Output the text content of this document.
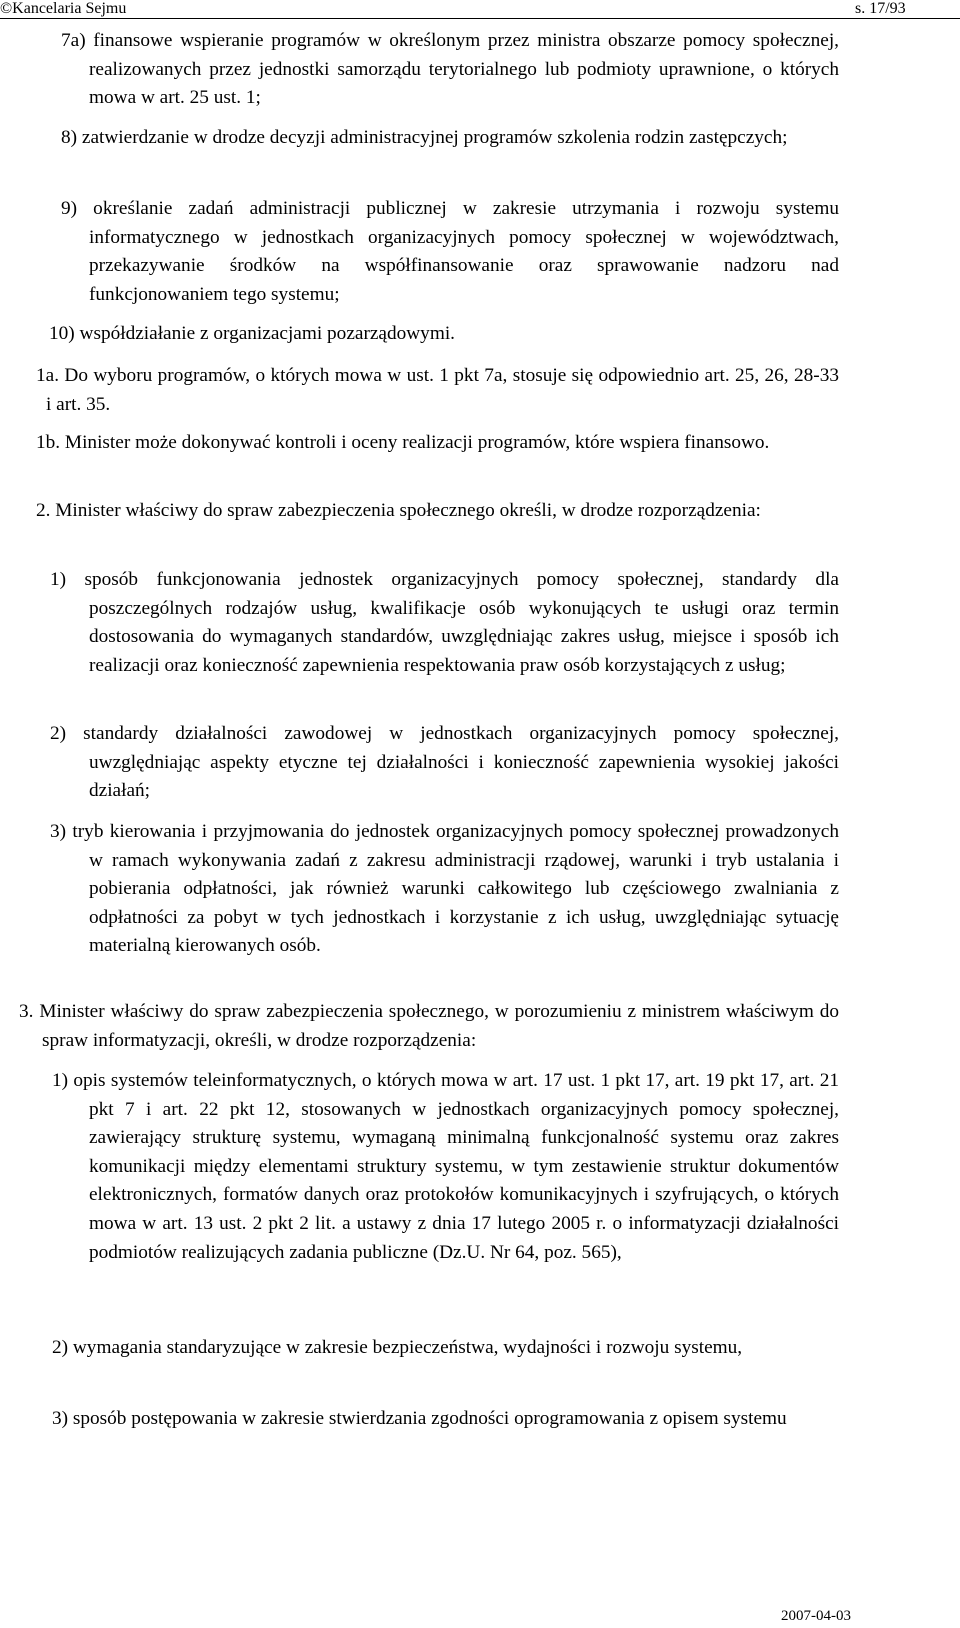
©Kancelaria Sejmu	s. 17/93

7a) finansowe wspieranie programów w określonym przez ministra obszarze pomocy społecznej, realizowanych przez jednostki samorządu terytorialnego lub podmioty uprawnione, o których mowa w art. 25 ust. 1;

8) zatwierdzanie w drodze decyzji administracyjnej programów szkolenia rodzin zastępczych;

9) określanie zadań administracji publicznej w zakresie utrzymania i rozwoju systemu informatycznego w jednostkach organizacyjnych pomocy społecznej w województwach, przekazywanie środków na współfinansowanie oraz sprawowanie nadzoru nad funkcjonowaniem tego systemu;

10) współdziałanie z organizacjami pozarządowymi.

1a. Do wyboru programów, o których mowa w ust. 1 pkt 7a, stosuje się odpowiednio art. 25, 26, 28-33 i art. 35.

1b. Minister może dokonywać kontroli i oceny realizacji programów, które wspiera finansowo.

2. Minister właściwy do spraw zabezpieczenia społecznego określi, w drodze rozporządzenia:

1) sposób funkcjonowania jednostek organizacyjnych pomocy społecznej, standardy dla poszczególnych rodzajów usług, kwalifikacje osób wykonujących te usługi oraz termin dostosowania do wymaganych standardów, uwzględniając zakres usług, miejsce i sposób ich realizacji oraz konieczność zapewnienia respektowania praw osób korzystających z usług;

2) standardy działalności zawodowej w jednostkach organizacyjnych pomocy społecznej, uwzględniając aspekty etyczne tej działalności i konieczność zapewnienia wysokiej jakości działań;

3) tryb kierowania i przyjmowania do jednostek organizacyjnych pomocy społecznej prowadzonych w ramach wykonywania zadań z zakresu administracji rządowej, warunki i tryb ustalania i pobierania odpłatności, jak również warunki całkowitego lub częściowego zwalniania z odpłatności za pobyt w tych jednostkach i korzystanie z ich usług, uwzględniając sytuację materialną kierowanych osób.

3. Minister właściwy do spraw zabezpieczenia społecznego, w porozumieniu z ministrem właściwym do spraw informatyzacji, określi, w drodze rozporządzenia:

1) opis systemów teleinformatycznych, o których mowa w art. 17 ust. 1 pkt 17, art. 19 pkt 17, art. 21 pkt 7 i art. 22 pkt 12, stosowanych w jednostkach organizacyjnych pomocy społecznej, zawierający strukturę systemu, wymaganą minimalną funkcjonalność systemu oraz zakres komunikacji między elementami struktury systemu, w tym zestawienie struktur dokumentów elektronicznych, formatów danych oraz protokołów komunikacyjnych i szyfrujących, o których mowa w art. 13 ust. 2 pkt 2 lit. a ustawy z dnia 17 lutego 2005 r. o informatyzacji działalności podmiotów realizujących zadania publiczne (Dz.U. Nr 64, poz. 565),

2) wymagania standaryzujące w zakresie bezpieczeństwa, wydajności i rozwoju systemu,

3) sposób postępowania w zakresie stwierdzania zgodności oprogramowania z opisem systemu

2007-04-03
